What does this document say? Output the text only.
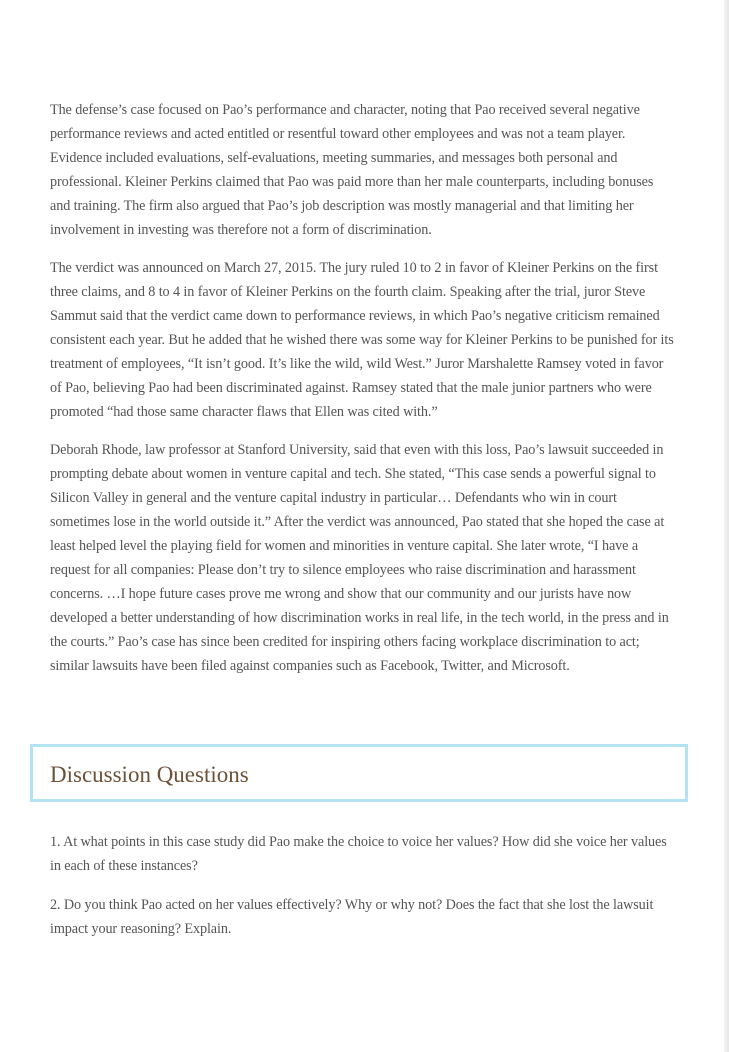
The defense’s case focused on Pao’s performance and character, noting that Pao received several negative performance reviews and acted entitled or resentful toward other employees and was not a team player. Evidence included evaluations, self-evaluations, meeting summaries, and messages both personal and professional. Kleiner Perkins claimed that Pao was paid more than her male counterparts, including bonuses and training. The firm also argued that Pao’s job description was mostly managerial and that limiting her involvement in investing was therefore not a form of discrimination.

The verdict was announced on March 27, 2015. The jury ruled 10 to 2 in favor of Kleiner Perkins on the first three claims, and 8 to 4 in favor of Kleiner Perkins on the fourth claim. Speaking after the trial, juror Steve Sammut said that the verdict came down to performance reviews, in which Pao’s negative criticism remained consistent each year. But he added that he wished there was some way for Kleiner Perkins to be punished for its treatment of employees, “It isn’t good. It’s like the wild, wild West.” Juror Marshalette Ramsey voted in favor of Pao, believing Pao had been discriminated against. Ramsey stated that the male junior partners who were promoted “had those same character flaws that Ellen was cited with.”

Deborah Rhode, law professor at Stanford University, said that even with this loss, Pao’s lawsuit succeeded in prompting debate about women in venture capital and tech. She stated, “This case sends a powerful signal to Silicon Valley in general and the venture capital industry in particular… Defendants who win in court sometimes lose in the world outside it.” After the verdict was announced, Pao stated that she hoped the case at least helped level the playing field for women and minorities in venture capital. She later wrote, “I have a request for all companies: Please don’t try to silence employees who raise discrimination and harassment concerns. …I hope future cases prove me wrong and show that our community and our jurists have now developed a better understanding of how discrimination works in real life, in the tech world, in the press and in the courts.” Pao’s case has since been credited for inspiring others facing workplace discrimination to act; similar lawsuits have been filed against companies such as Facebook, Twitter, and Microsoft.

Discussion Questions

1. At what points in this case study did Pao make the choice to voice her values? How did she voice her values in each of these instances?

2. Do you think Pao acted on her values effectively? Why or why not? Does the fact that she lost the lawsuit impact your reasoning? Explain.
